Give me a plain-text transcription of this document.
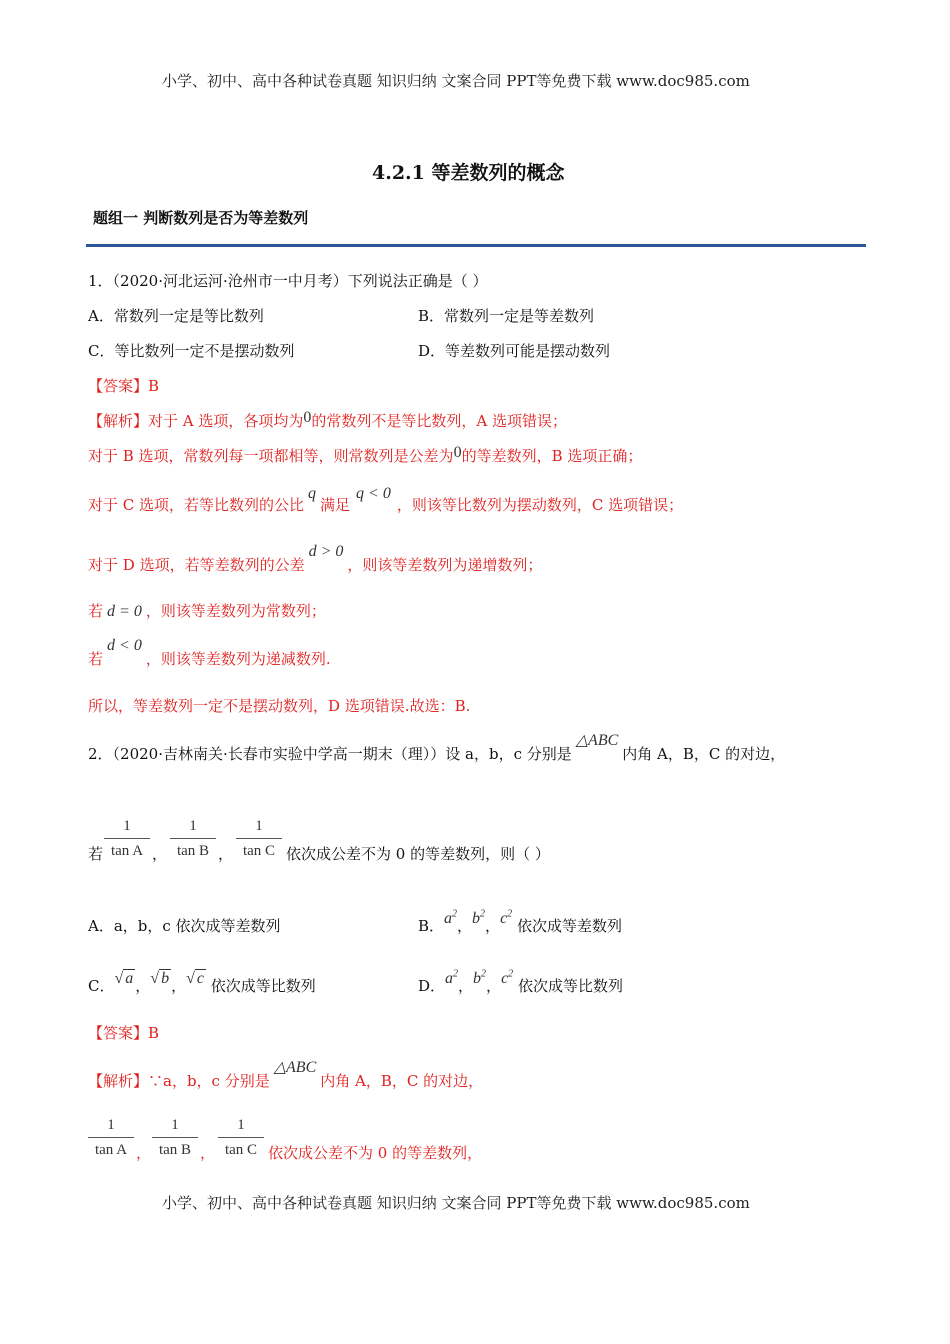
小学、初中、高中各种试卷真题 知识归纳 文案合同 PPT等免费下载 www.doc985.com
4.2.1 等差数列的概念
题组一 判断数列是否为等差数列
1．（2020·河北运河·沧州市一中月考）下列说法正确是（ ）
A．常数列一定是等比数列	B．常数列一定是等差数列
C．等比数列一定不是摆动数列	D．等差数列可能是摆动数列
【答案】B
【解析】对于 A 选项，各项均为0的常数列不是等比数列，A 选项错误；
对于 B 选项，常数列每一项都相等，则常数列是公差为0的等差数列，B 选项正确；
对于 C 选项，若等比数列的公比q满足q < 0，则该等比数列为摆动数列，C 选项错误；
对于 D 选项，若等差数列的公差d > 0，则该等差数列为递增数列；
若 d = 0 ，则该等差数列为常数列；
若d < 0，则该等差数列为递减数列.
所以，等差数列一定不是摆动数列，D 选项错误.故选：B.
2．（2020·吉林南关·长春市实验中学高一期末（理））设 a，b，c 分别是△ABC内角 A，B，C 的对边，
若
1
tan A ，
1
tan B ，
1
tan C 依次成公差不为 0 的等差数列，则（ ）
A．a，b，c 依次成等差数列	B．$a^2$，$b^2$，$c^2$ 依次成等差数列
C．√ a ，√ b ，√ c 依次成等比数列	D．$a^2$，$b^2$，$c^2$ 依次成等比数列
【答案】B
【解析】∵a，b，c 分别是△ABC内角 A，B，C 的对边，
1
tan A ，
1
tan B ，
1
tan C 依次成公差不为 0 的等差数列，
小学、初中、高中各种试卷真题 知识归纳 文案合同 PPT等免费下载 www.doc985.com
